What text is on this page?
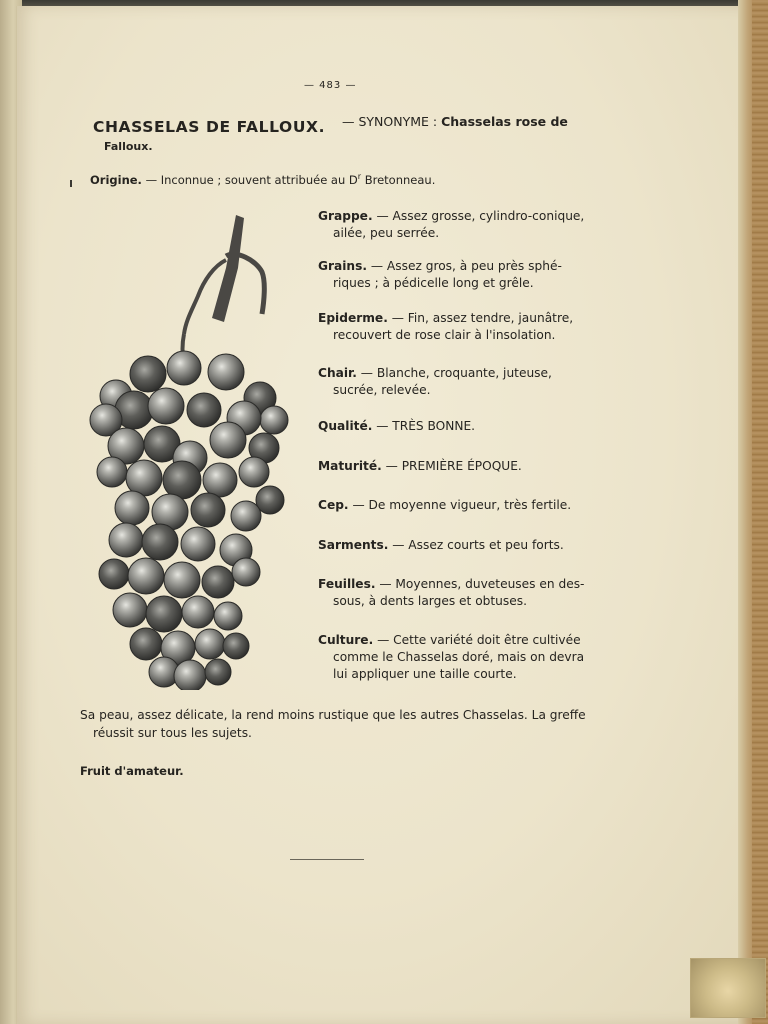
— 483 —
CHASSELAS DE FALLOUX. — SYNONYME : Chasselas rose de
Falloux.
Origine. — Inconnue ; souvent attribuée au $D^r$ Bretonneau.
Grappe. — Assez grosse, cylindro-conique,
ailée, peu serrée.
Grains. — Assez gros, à peu près sphé-
riques ; à pédicelle long et grêle.
Epiderme. — Fin, assez tendre, jaunâtre,
recouvert de rose clair à l'insolation.
Chair. — Blanche, croquante, juteuse,
sucrée, relevée.
Qualité. — TRÈS BONNE.
Maturité. — PREMIÈRE ÉPOQUE.
Cep. — De moyenne vigueur, très fertile.
Sarments. — Assez courts et peu forts.
Feuilles. — Moyennes, duveteuses en des-
sous, à dents larges et obtuses.
Culture. — Cette variété doit être cultivée
comme le Chasselas doré, mais on devra
lui appliquer une taille courte.
Sa peau, assez délicate, la rend moins rustique que les autres Chasselas. La greffe
réussit sur tous les sujets.
Fruit d'amateur.
